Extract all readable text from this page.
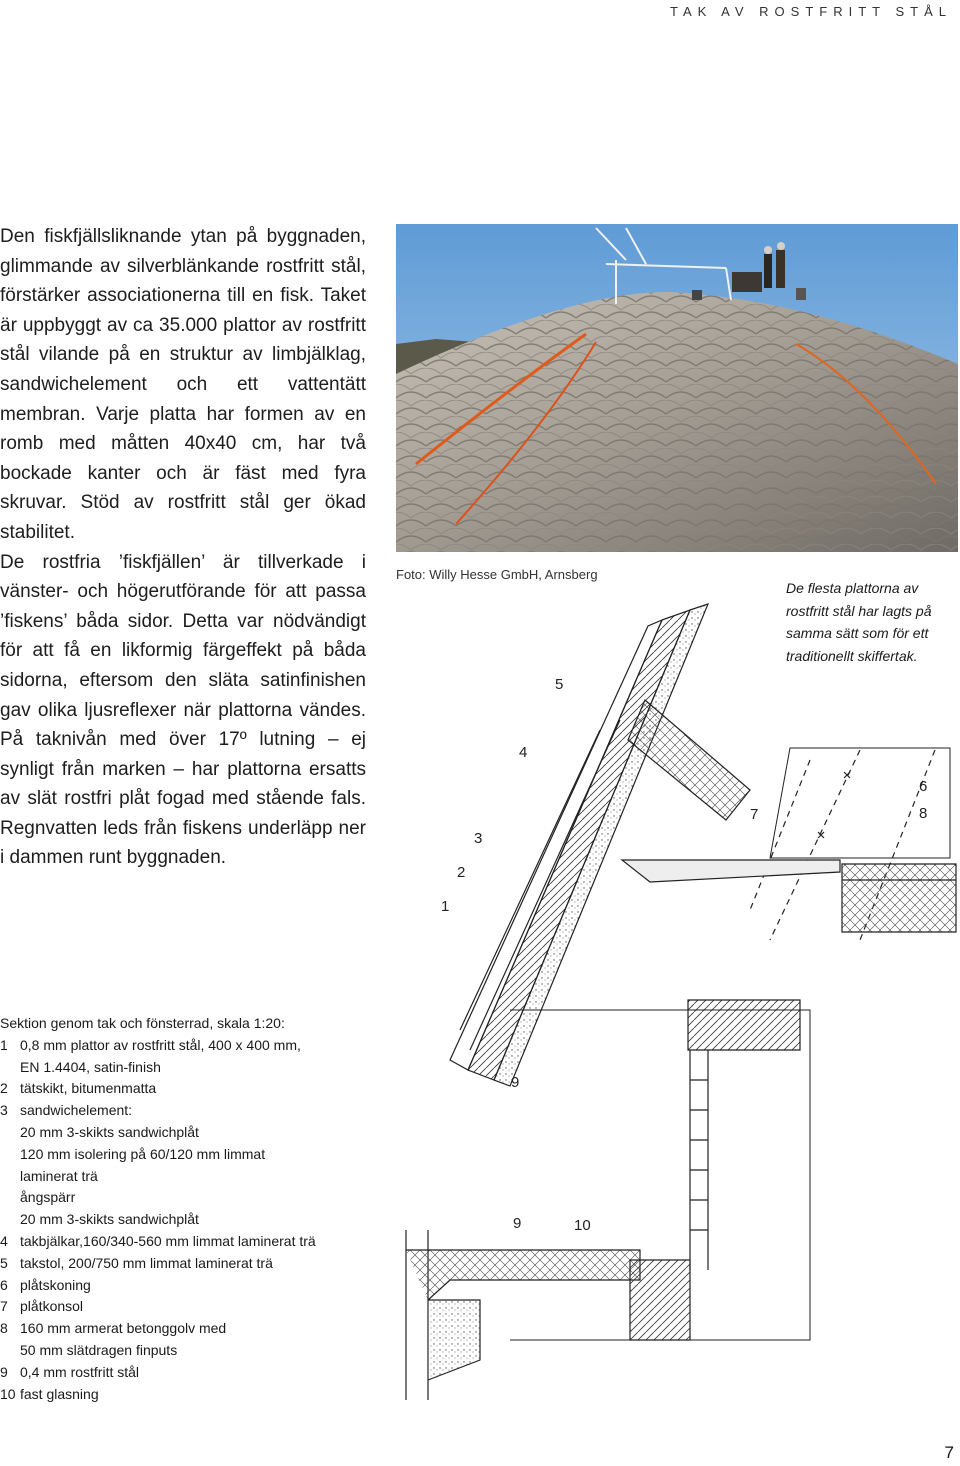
TAK AV ROSTFRITT STÅL

Den fiskfjällsliknande ytan på byggnaden, glimmande av silverblänkande rostfritt stål, förstärker associationerna till en fisk. Taket är uppbyggt av ca 35.000 plattor av rostfritt stål vilande på en struktur av limbjälklag, sandwichelement och ett vattentätt membran. Varje platta har formen av en romb med måtten 40x40 cm, har två bockade kanter och är fäst med fyra skruvar. Stöd av rostfritt stål ger ökad stabilitet.

De rostfria ’fiskfjällen’ är tillverkade i vänster- och högerutförande för att passa ’fiskens’ båda sidor. Detta var nödvändigt för att få en likformig färgeffekt på båda sidorna, eftersom den släta satinfinishen gav olika ljusreflexer när plattorna vändes. På taknivån med över 17º lutning – ej synligt från marken – har plattorna ersatts av slät rostfri plåt fogad med stående fals. Regnvatten leds från fiskens underläpp ner i dammen runt byggnaden.

Foto: Willy Hesse GmbH, Arnsberg
De flesta plattorna av rostfritt stål har lagts på samma sätt som för ett traditionellt skiffertak.
1
2
3
4
5
6
7	8
9
9	10
Sektion genom tak och fönsterrad, skala 1:20:
1 0,8 mm plattor av rostfritt stål, 400 x 400 mm,
EN 1.4404, satin-finish
2 tätskikt, bitumenmatta
3 sandwichelement:
20 mm 3-skikts sandwichplåt
120 mm isolering på 60/120 mm limmat
laminerat trä
ångspärr
20 mm 3-skikts sandwichplåt
4 takbjälkar,160/340-560 mm limmat laminerat trä
5 takstol, 200/750 mm limmat laminerat trä
6 plåtskoning
7 plåtkonsol
8 160 mm armerat betonggolv med
50 mm slätdragen finputs
9 0,4 mm rostfritt stål
10 fast glasning
7
